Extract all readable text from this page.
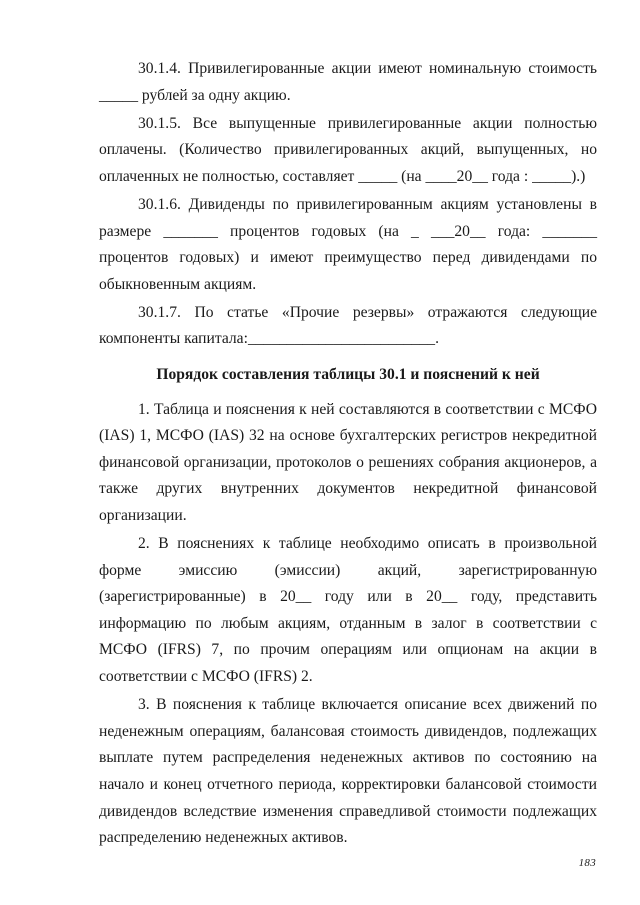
30.1.4. Привилегированные акции имеют номинальную стоимость _____ рублей за одну акцию.

30.1.5. Все выпущенные привилегированные акции полностью оплачены. (Количество привилегированных акций, выпущенных, но оплаченных не полностью, составляет _____ (на ____20__ года : _____).)

30.1.6. Дивиденды по привилегированным акциям установлены в размере _______ процентов годовых (на _ ___20__ года: _______ процентов годовых) и имеют преимущество перед дивидендами по обыкновенным акциям.

30.1.7. По статье «Прочие резервы» отражаются следующие компоненты капитала:________________________.

Порядок составления таблицы 30.1 и пояснений к ней

1. Таблица и пояснения к ней составляются в соответствии с МСФО (IAS) 1, МСФО (IAS) 32 на основе бухгалтерских регистров некредитной финансовой организации, протоколов о решениях собрания акционеров, а также других внутренних документов некредитной финансовой организации.

2. В пояснениях к таблице необходимо описать в произвольной форме эмиссию (эмиссии) акций, зарегистрированную (зарегистрированные) в 20__ году или в 20__ году, представить информацию по любым акциям, отданным в залог в соответствии с МСФО (IFRS) 7, по прочим операциям или опционам на акции в соответствии с МСФО (IFRS) 2.

3. В пояснения к таблице включается описание всех движений по неденежным операциям, балансовая стоимость дивидендов, подлежащих выплате путем распределения неденежных активов по состоянию на начало и конец отчетного периода, корректировки балансовой стоимости дивидендов вследствие изменения справедливой стоимости подлежащих распределению неденежных активов.

183
